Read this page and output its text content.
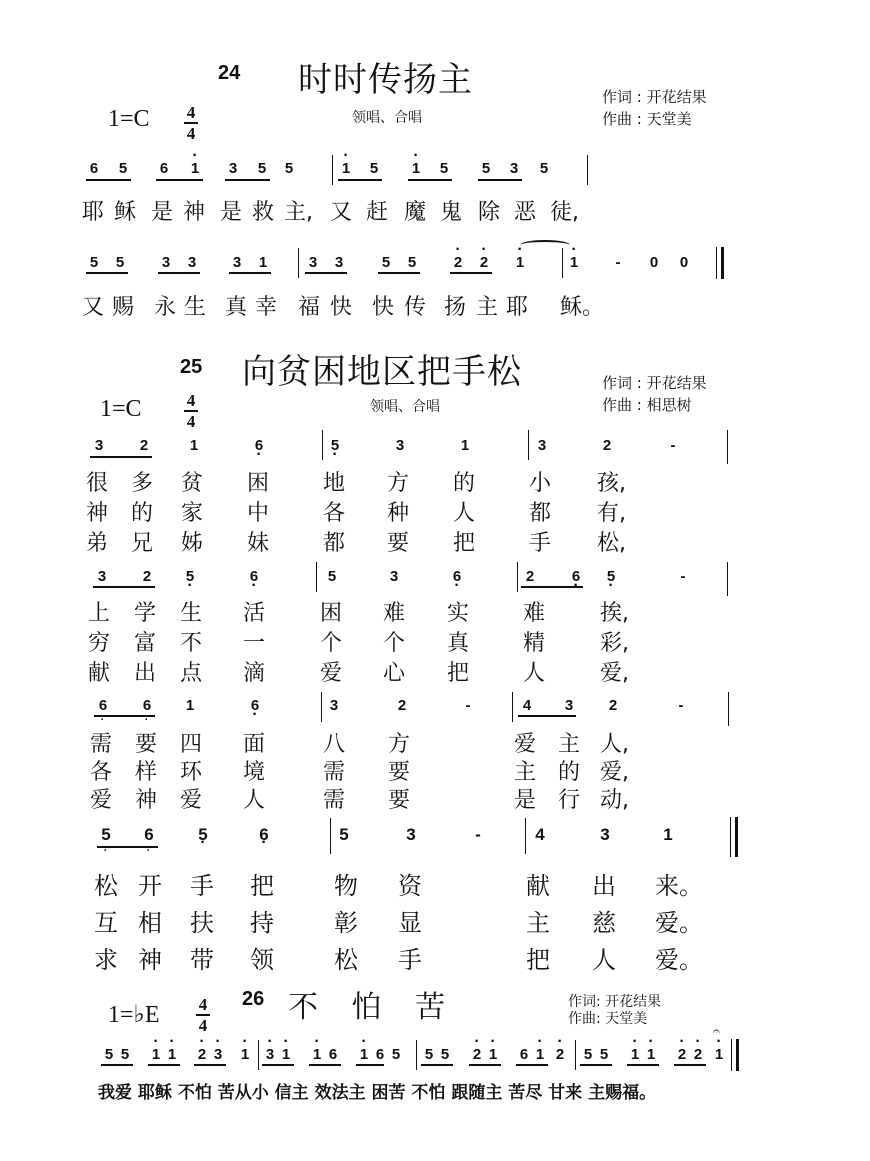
24 时时传扬主
1=C 4
4
领唱、合唱
作词 : 开花结果
作曲 : 天堂美
6 5 6 · 1 3 5 5	· 1 5 · 1 5 5 3 5
耶 稣 是 神 是 救 主, 又 赶 魔 鬼 除 恶 徒,
5 5	3 3 3 1	3 3	5 5	· 2 · 2 · 1	· 1	-	0 0
又 赐 永 生 真 幸 福 快 快 传 扬 主 耶 稣。
25 向贫困地区把手松
1=C	4
4
领唱、合唱
作词 : 开花结果
作曲 : 相思树
3 2	1	6 ·	5 ·	3	1	3	2	-
很 多 贫 困 地 方 的 小 孩,
神 的 家 中 各 种 人 都 有,
弟 兄 姊 妹 都 要 把 手 松,
3 2 5 ·	6 ·	5	3	6 ·	2	6 · 5 ·	-
上 学 生 活 困 难 实 难 挨,
穷 富 不 一 个 个 真 精 彩,
献 出 点 滴 爱 心 把 人 爱,
6 6 1	6 ·	3	2	-	4 3 2	-
·	·
需 要 四 面	八 方	爱 主 人,
各 样 环 境	需 要	主 的 爱,
爱 神 爱 人	需 要	是 行 动,
5 6	5 ·	6 ·	5	3	-	4	3	1
·	·
松 开 手 把	物 资	献 出 来。
互 相 扶 持	彰 显	主 慈 爱。
求 神 带 领	松 手	把 人 爱。
1=♭E 4
4
26 不 怕 苦	作词: 开花结果
作曲: 天堂美
5 5 · 1 · 1 · 2 · 3 · 1 · 3 · 1 · 1 6 · 1 6 5 5 5 · 2 · 1 6 · 1 · 2 5 5 · 1 · 1 · 2 · 2 · 1
𝄐
我爱 耶稣 不怕 苦从小 信主 效法主 困苦 不怕 跟随主 苦尽 甘来 主赐福。
